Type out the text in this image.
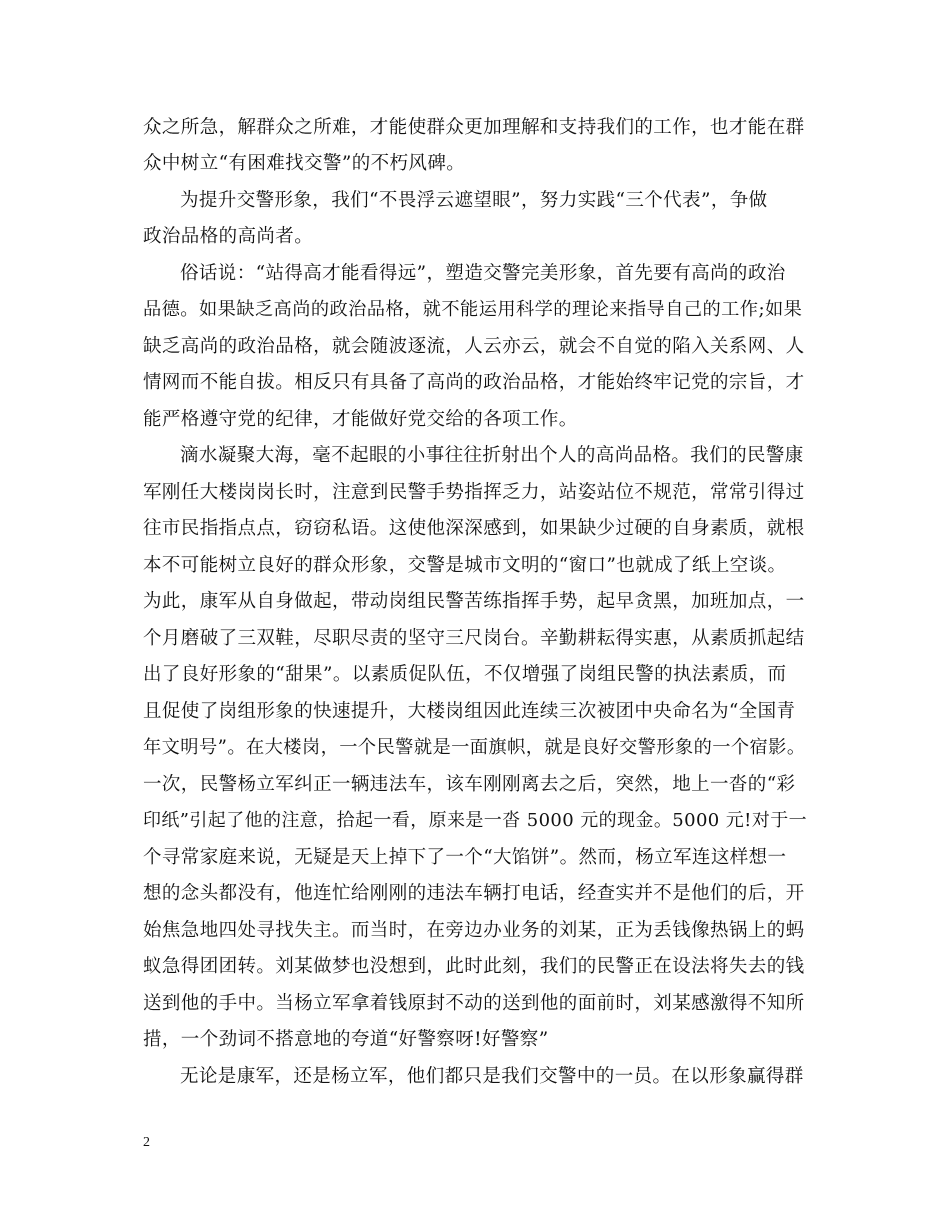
众之所急，解群众之所难，才能使群众更加理解和支持我们的工作，也才能在群
众中树立“有困难找交警”的不朽风碑。
为提升交警形象，我们“不畏浮云遮望眼”，努力实践“三个代表”，争做
政治品格的高尚者。
俗话说：“站得高才能看得远”，塑造交警完美形象，首先要有高尚的政治
品德。如果缺乏高尚的政治品格，就不能运用科学的理论来指导自己的工作;如果
缺乏高尚的政治品格，就会随波逐流，人云亦云，就会不自觉的陷入关系网、人
情网而不能自拔。相反只有具备了高尚的政治品格，才能始终牢记党的宗旨，才
能严格遵守党的纪律，才能做好党交给的各项工作。
滴水凝聚大海，毫不起眼的小事往往折射出个人的高尚品格。我们的民警康
军刚任大楼岗岗长时，注意到民警手势指挥乏力，站姿站位不规范，常常引得过
往市民指指点点，窃窃私语。这使他深深感到，如果缺少过硬的自身素质，就根
本不可能树立良好的群众形象，交警是城市文明的“窗口”也就成了纸上空谈。
为此，康军从自身做起，带动岗组民警苦练指挥手势，起早贪黑，加班加点，一
个月磨破了三双鞋，尽职尽责的坚守三尺岗台。辛勤耕耘得实惠，从素质抓起结
出了良好形象的“甜果”。以素质促队伍，不仅增强了岗组民警的执法素质，而
且促使了岗组形象的快速提升，大楼岗组因此连续三次被团中央命名为“全国青
年文明号”。在大楼岗，一个民警就是一面旗帜，就是良好交警形象的一个宿影。
一次，民警杨立军纠正一辆违法车，该车刚刚离去之后，突然，地上一沓的“彩
印纸”引起了他的注意，拾起一看，原来是一沓 5000 元的现金。5000 元!对于一
个寻常家庭来说，无疑是天上掉下了一个“大馅饼”。然而，杨立军连这样想一
想的念头都没有，他连忙给刚刚的违法车辆打电话，经查实并不是他们的后，开
始焦急地四处寻找失主。而当时，在旁边办业务的刘某，正为丢钱像热锅上的蚂
蚁急得团团转。刘某做梦也没想到，此时此刻，我们的民警正在设法将失去的钱
送到他的手中。当杨立军拿着钱原封不动的送到他的面前时，刘某感激得不知所
措，一个劲词不搭意地的夸道“好警察呀!好警察”
无论是康军，还是杨立军，他们都只是我们交警中的一员。在以形象赢得群
2
